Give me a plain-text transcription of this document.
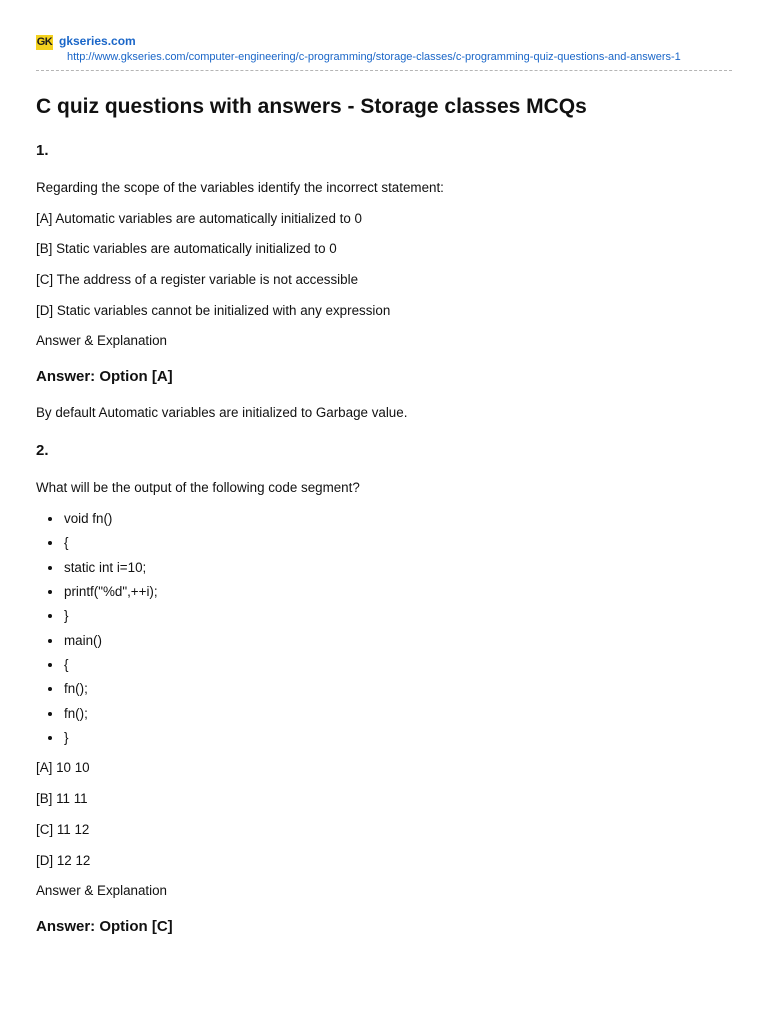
GK gkseries.com
http://www.gkseries.com/computer-engineering/c-programming/storage-classes/c-programming-quiz-questions-and-answers-1
C quiz questions with answers - Storage classes MCQs
1.

Regarding the scope of the variables identify the incorrect statement:

[A] Automatic variables are automatically initialized to 0

[B] Static variables are automatically initialized to 0

[C] The address of a register variable is not accessible

[D] Static variables cannot be initialized with any expression

Answer & Explanation

Answer: Option [A]

By default Automatic variables are initialized to Garbage value.

2.

What will be the output of the following code segment?

void fn()
{
static int i=10;
printf("%d",++i);
}
main()
{
fn();
fn();
}

[A] 10 10

[B] 11 11

[C] 11 12

[D] 12 12

Answer & Explanation

Answer: Option [C]
